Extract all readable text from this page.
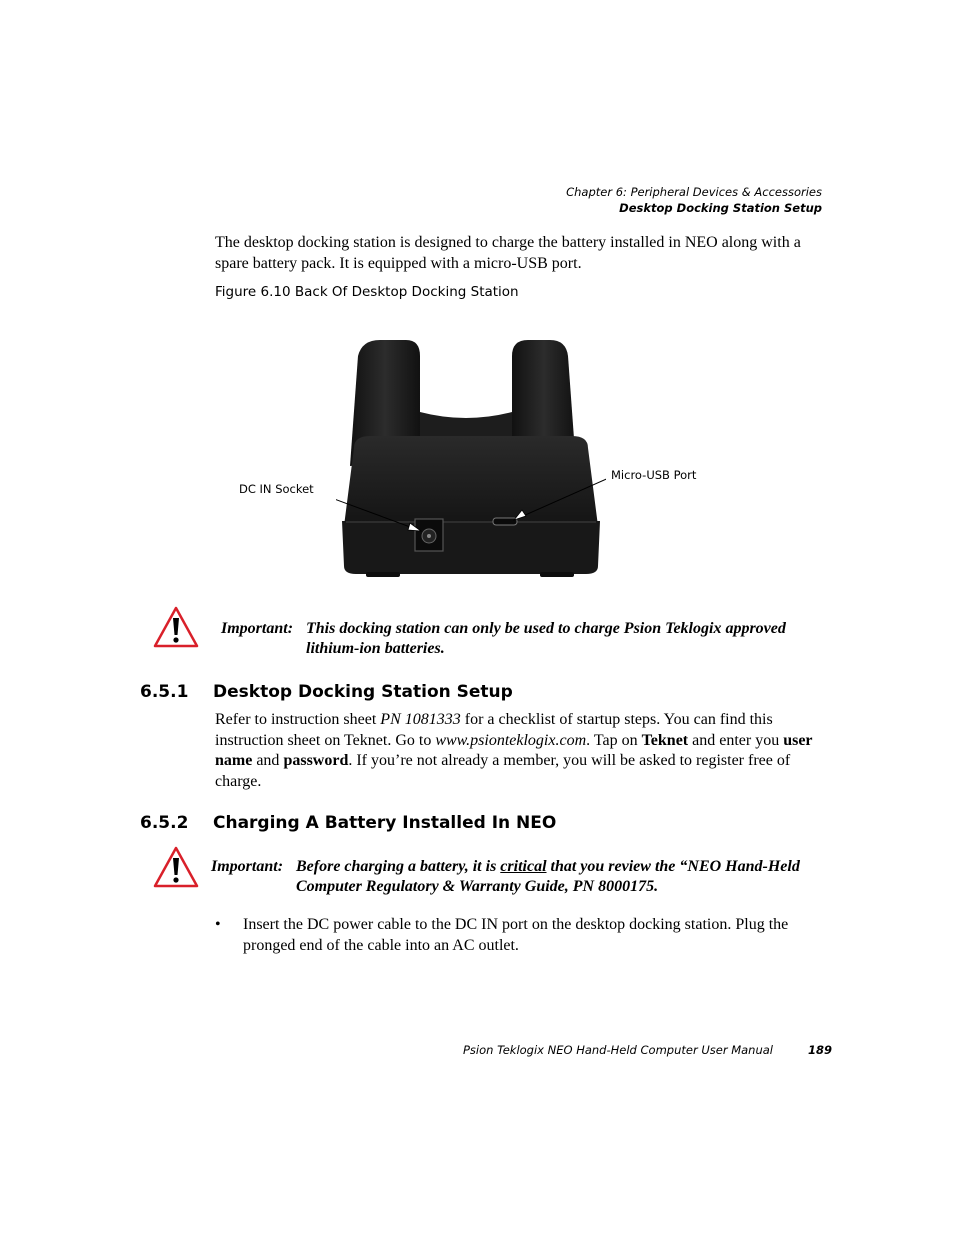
Chapter 6: Peripheral Devices & Accessories
Desktop Docking Station Setup
The desktop docking station is designed to charge the battery installed in NEO along with a spare battery pack. It is equipped with a micro-USB port.
Figure 6.10 Back Of Desktop Docking Station
DC IN Socket
Micro-USB Port
Important: This docking station can only be used to charge Psion Teklogix approved lithium-ion batteries.
6.5.1 Desktop Docking Station Setup
Refer to instruction sheet PN 1081333 for a checklist of startup steps. You can find this instruction sheet on Teknet. Go to www.psionteklogix.com. Tap on Teknet and enter you user name and password. If you’re not already a member, you will be asked to register free of charge.
6.5.2 Charging A Battery Installed In NEO
Important: Before charging a battery, it is critical that you review the “NEO Hand-Held Computer Regulatory & Warranty Guide, PN 8000175.
• Insert the DC power cable to the DC IN port on the desktop docking station. Plug the pronged end of the cable into an AC outlet.
Psion Teklogix NEO Hand-Held Computer User Manual	189
